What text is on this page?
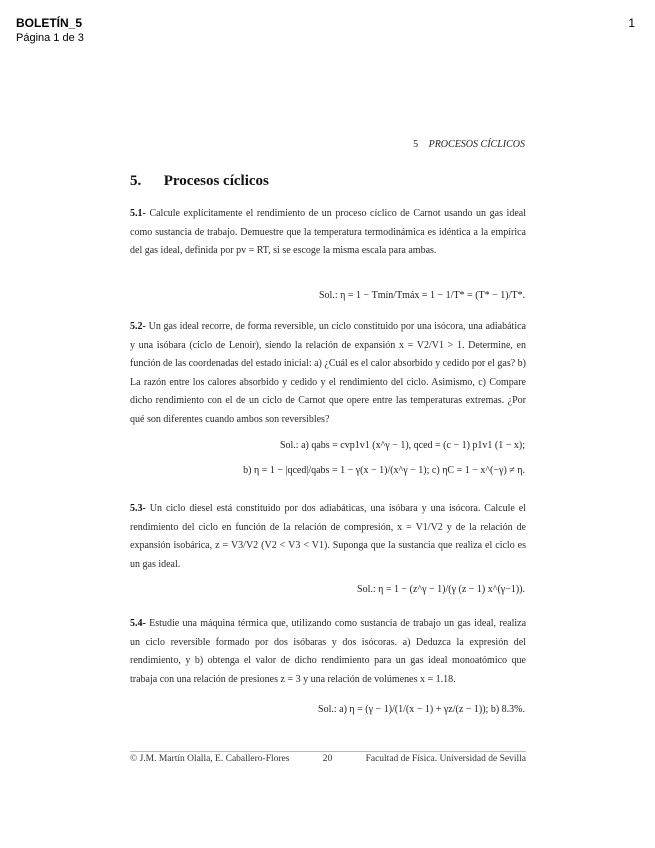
BOLETÍN_5
Página 1 de 3
1
5 PROCESOS CÍCLICOS
5. Procesos cíclicos
5.1- Calcule explícitamente el rendimiento de un proceso cíclico de Carnot usando un gas ideal como sustancia de trabajo. Demuestre que la temperatura termodinámica es idéntica a la empírica del gas ideal, definida por pv = RT, si se escoge la misma escala para ambas.
Sol.: η = 1 − Tmín/Tmáx = 1 − 1/T* = (T* − 1)/T*.
5.2- Un gas ideal recorre, de forma reversible, un ciclo constituido por una isócora, una adiabática y una isóbara (ciclo de Lenoir), siendo la relación de expansión x = V2/V1 > 1. Determine, en función de las coordenadas del estado inicial: a) ¿Cuál es el calor absorbido y cedido por el gas? b) La razón entre los calores absorbido y cedido y el rendimiento del ciclo. Asimismo, c) Compare dicho rendimiento con el de un ciclo de Carnot que opere entre las temperaturas extremas. ¿Por qué son diferentes cuando ambos son reversibles?
Sol.: a) qabs = cvp1v1 (x^γ − 1), qced = (c − 1) p1v1 (1 − x);
b) η = 1 − |qced|/qabs = 1 − γ(x − 1)/(x^γ − 1); c) ηC = 1 − x^(−γ) ≠ η.
5.3- Un ciclo diesel está constituido por dos adiabáticas, una isóbara y una isócora. Calcule el rendimiento del ciclo en función de la relación de compresión, x = V1/V2 y de la relación de expansión isobárica, z = V3/V2 (V2 < V3 < V1). Suponga que la sustancia que realiza el ciclo es un gas ideal.
Sol.: η = 1 − (z^γ − 1)/(γ (z − 1) x^(γ−1)).
5.4- Estudie una máquina térmica que, utilizando como sustancia de trabajo un gas ideal, realiza un ciclo reversible formado por dos isóbaras y dos isócoras. a) Deduzca la expresión del rendimiento, y b) obtenga el valor de dicho rendimiento para un gas ideal monoatómico que trabaja con una relación de presiones z = 3 y una relación de volúmenes x = 1.18.
Sol.: a) η = (γ − 1)/(1/(x − 1) + γz/(z − 1)); b) 8.3%.
© J.M. Martín Olalla, E. Caballero-Flores	20	Facultad de Física. Universidad de Sevilla
